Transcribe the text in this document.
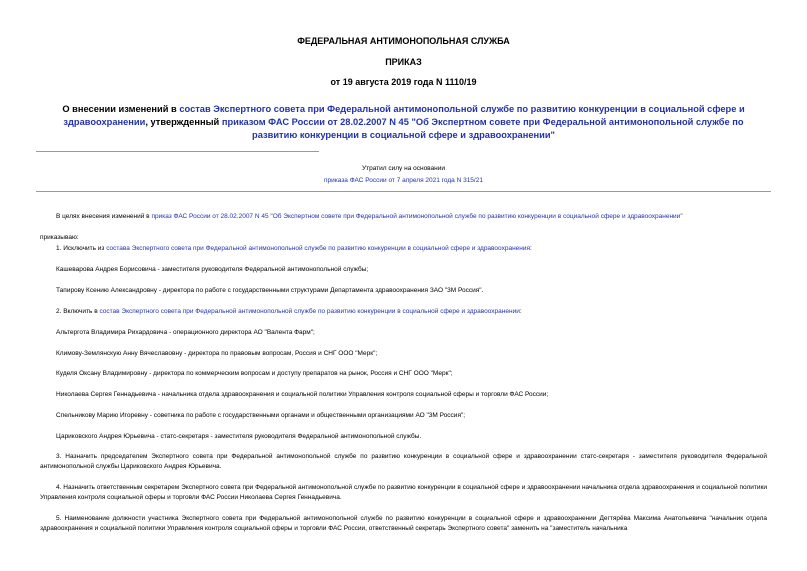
ФЕДЕРАЛЬНАЯ АНТИМОНОПОЛЬНАЯ СЛУЖБА
ПРИКАЗ
от 19 августа 2019 года N 1110/19
О внесении изменений в состав Экспертного совета при Федеральной антимонопольной службе по развитию конкуренции в социальной сфере и здравоохранении, утвержденный приказом ФАС России от 28.02.2007 N 45 "Об Экспертном совете при Федеральной антимонопольной службе по развитию конкуренции в социальной сфере и здравоохранении"
Утратил силу на основании
приказа ФАС России от 7 апреля 2021 года N 315/21
В целях внесения изменений в приказ ФАС России от 28.02.2007 N 45 "Об Экспертном совете при Федеральной антимонопольной службе по развитию конкуренции в социальной сфере и здравоохранении"
приказываю:
1. Исключить из состава Экспертного совета при Федеральной антимонопольной службе по развитию конкуренции в социальной сфере и здравоохранения:
Кашеварова Андрея Борисовича - заместителя руководителя Федеральной антимонопольной службы;
Тапирову Ксению Александровну - директора по работе с государственными структурами Департамента здравоохранения ЗАО "3М Россия".
2. Включить в состав Экспертного совета при Федеральной антимонопольной службе по развитию конкуренции в социальной сфере и здравоохранении:
Альтергота Владимира Рихардовича - операционного директора АО "Валента Фарм";
Климову-Землянскую Анну Вячеславовну - директора по правовым вопросам, Россия и СНГ ООО "Мерк";
Куделя Оксану Владимировну - директора по коммерческим вопросам и доступу препаратов на рынок, Россия и СНГ ООО "Мерк";
Николаева Сергея Геннадьевича - начальника отдела здравоохранения и социальной политики Управления контроля социальной сферы и торговли ФАС России;
Спельникову Марию Игоревну - советника по работе с государственными органами и общественными организациями АО "3М Россия";
Цариковского Андрея Юрьевича - статс-секретаря - заместителя руководителя Федеральной антимонопольной службы.
3. Назначить председателем Экспертного совета при Федеральной антимонопольной службе по развитию конкуренции в социальной сфере и здравоохранении статс-секретаря - заместителя руководителя Федеральной антимонопольной службы Цариковского Андрея Юрьевича.
4. Назначить ответственным секретарем Экспертного совета при Федеральной антимонопольной службе по развитию конкуренции в социальной сфере и здравоохранении начальника отдела здравоохранения и социальной политики Управления контроля социальной сферы и торговли ФАС России Николаева Сергея Геннадьевича.
5. Наименование должности участника Экспертного совета при Федеральной антимонопольной службе по развитию конкуренции в социальной сфере и здравоохранении Дегтярёва Максима Анатольевича "начальник отдела здравоохранения и социальной политики Управления контроля социальной сферы и торговли ФАС России, ответственный секретарь Экспертного совета" заменить на "заместитель начальника
